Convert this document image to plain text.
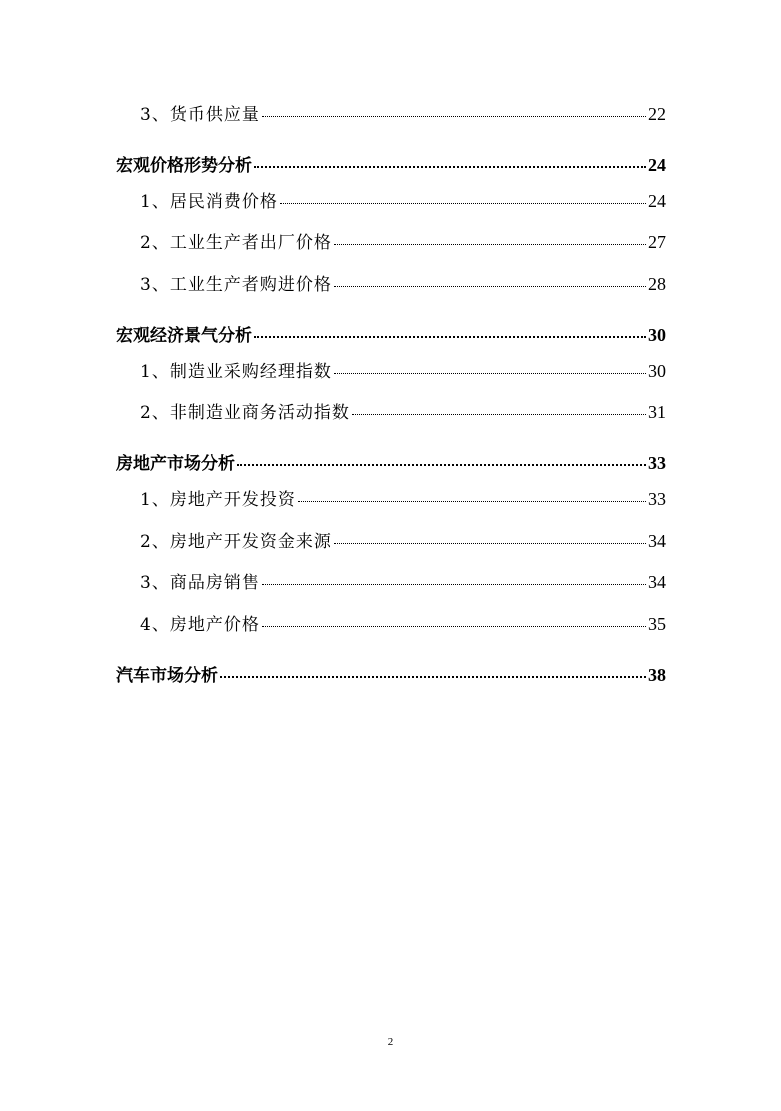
3、货币供应量	22
宏观价格形势分析	24
1、居民消费价格	24
2、工业生产者出厂价格	27
3、工业生产者购进价格	28
宏观经济景气分析	30
1、制造业采购经理指数	30
2、非制造业商务活动指数	31
房地产市场分析	33
1、房地产开发投资	33
2、房地产开发资金来源	34
3、商品房销售	34
4、房地产价格	35
汽车市场分析	38
2
